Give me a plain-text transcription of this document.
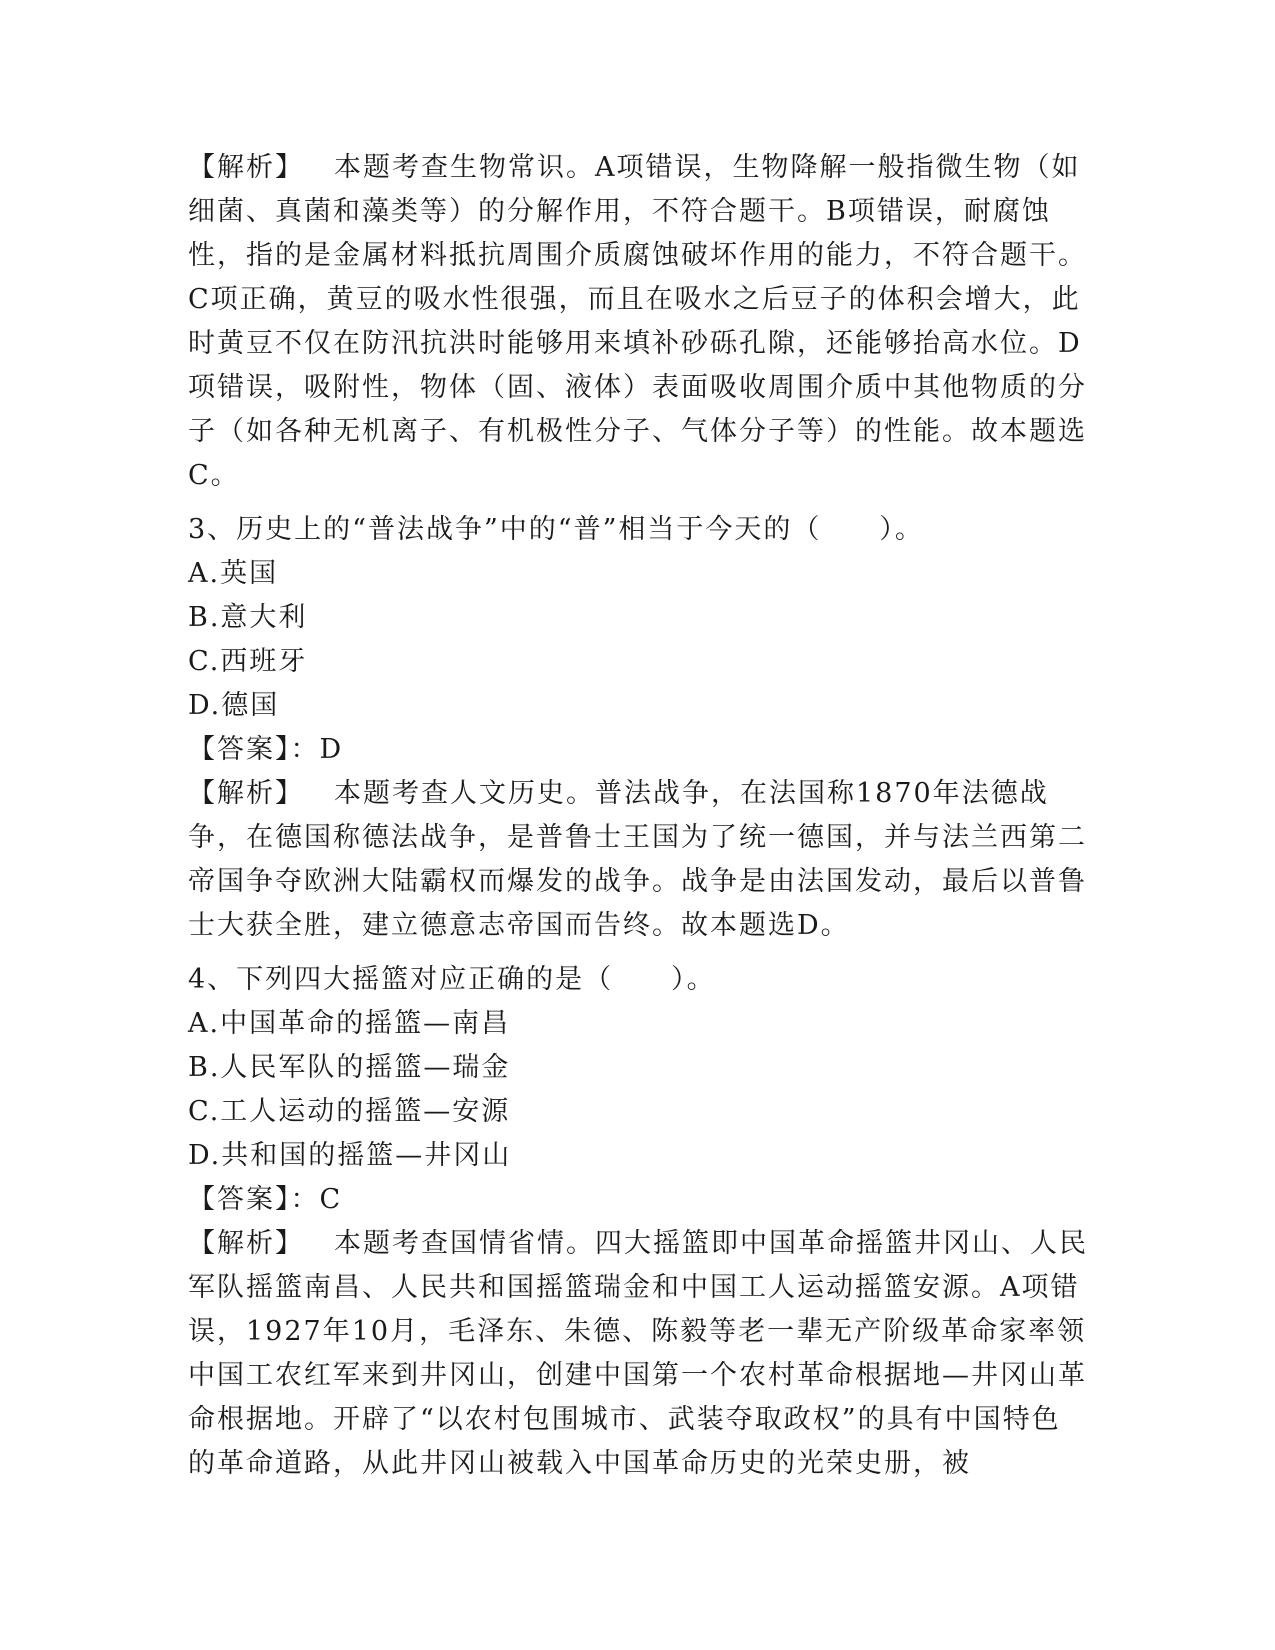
【解析】 本题考查生物常识。A项错误，生物降解一般指微生物（如细菌、真菌和藻类等）的分解作用，不符合题干。B项错误，耐腐蚀性，指的是金属材料抵抗周围介质腐蚀破坏作用的能力，不符合题干。C项正确，黄豆的吸水性很强，而且在吸水之后豆子的体积会增大，此时黄豆不仅在防汛抗洪时能够用来填补砂砾孔隙，还能够抬高水位。D项错误，吸附性，物体（固、液体）表面吸收周围介质中其他物质的分子（如各种无机离子、有机极性分子、气体分子等）的性能。故本题选C。

3、历史上的“普法战争”中的“普”相当于今天的（　　）。

A.英国

B.意大利

C.西班牙

D.德国

【答案】：D

【解析】 本题考查人文历史。普法战争，在法国称1870年法德战争，在德国称德法战争，是普鲁士王国为了统一德国，并与法兰西第二帝国争夺欧洲大陆霸权而爆发的战争。战争是由法国发动，最后以普鲁士大获全胜，建立德意志帝国而告终。故本题选D。

4、下列四大摇篮对应正确的是（　　）。

A.中国革命的摇篮—南昌

B.人民军队的摇篮—瑞金

C.工人运动的摇篮—安源

D.共和国的摇篮—井冈山

【答案】：C

【解析】 本题考查国情省情。四大摇篮即中国革命摇篮井冈山、人民军队摇篮南昌、人民共和国摇篮瑞金和中国工人运动摇篮安源。A项错误，1927年10月，毛泽东、朱德、陈毅等老一辈无产阶级革命家率领中国工农红军来到井冈山，创建中国第一个农村革命根据地—井冈山革命根据地。开辟了“以农村包围城市、武装夺取政权”的具有中国特色的革命道路，从此井冈山被载入中国革命历史的光荣史册，被
